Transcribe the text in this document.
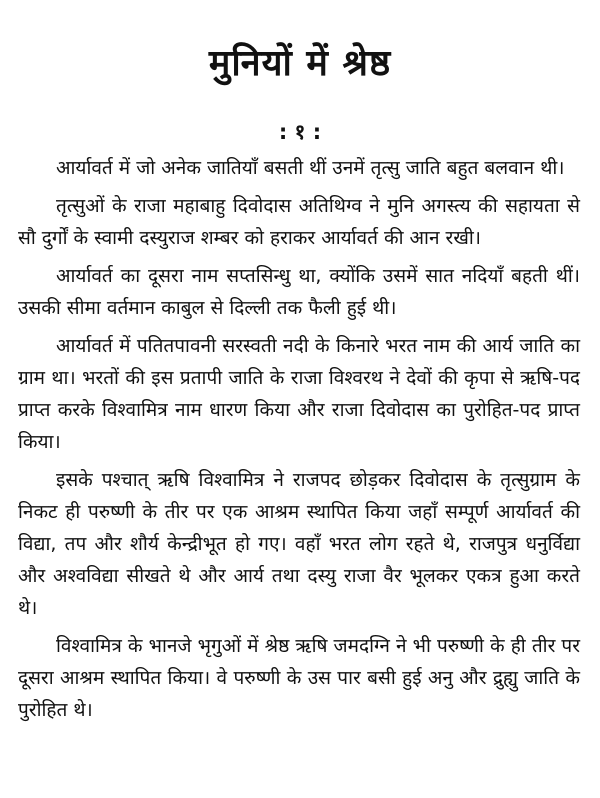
मुनियों में श्रेष्ठ
: १ :

आर्यावर्त में जो अनेक जातियाँ बसती थीं उनमें तृत्सु जाति बहुत बलवान थी।

तृत्सुओं के राजा महाबाहु दिवोदास अतिथिग्व ने मुनि अगस्त्य की सहायता से सौ दुर्गों के स्वामी दस्युराज शम्बर को हराकर आर्यावर्त की आन रखी।

आर्यावर्त का दूसरा नाम सप्तसिन्धु था, क्योंकि उसमें सात नदियाँ बहती थीं। उसकी सीमा वर्तमान काबुल से दिल्ली तक फैली हुई थी।

आर्यावर्त में पतितपावनी सरस्वती नदी के किनारे भरत नाम की आर्य जाति का ग्राम था। भरतों की इस प्रतापी जाति के राजा विश्वरथ ने देवों की कृपा से ऋषि-पद प्राप्त करके विश्वामित्र नाम धारण किया और राजा दिवोदास का पुरोहित-पद प्राप्त किया।

इसके पश्चात् ऋषि विश्वामित्र ने राजपद छोड़कर दिवोदास के तृत्सुग्राम के निकट ही परुष्णी के तीर पर एक आश्रम स्थापित किया जहाँ सम्पूर्ण आर्यावर्त की विद्या, तप और शौर्य केन्द्रीभूत हो गए। वहाँ भरत लोग रहते थे, राजपुत्र धनुर्विद्या और अश्वविद्या सीखते थे और आर्य तथा दस्यु राजा वैर भूलकर एकत्र हुआ करते थे।

विश्वामित्र के भानजे भृगुओं में श्रेष्ठ ऋषि जमदग्नि ने भी परुष्णी के ही तीर पर दूसरा आश्रम स्थापित किया। वे परुष्णी के उस पार बसी हुई अनु और द्रुह्यु जाति के पुरोहित थे।
